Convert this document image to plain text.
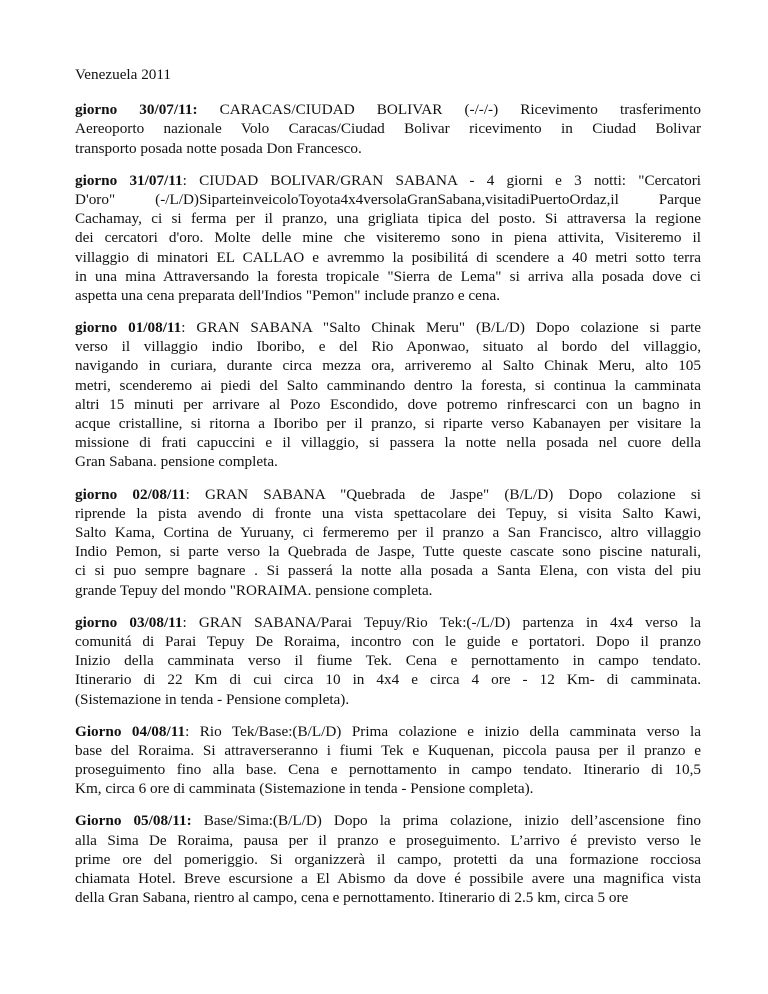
Venezuela 2011
giorno 30/07/11: CARACAS/CIUDAD BOLIVAR (-/-/-) Ricevimento trasferimento
Aereoporto nazionale Volo Caracas/Ciudad Bolivar ricevimento in Ciudad Bolivar
transporto posada notte posada Don Francesco.
giorno 31/07/11: CIUDAD BOLIVAR/GRAN SABANA - 4 giorni e 3 notti: "Cercatori
D'oro" (-/L/D)SiparteinveicoloToyota4x4versolaGranSabana,visitadiPuertoOrdaz,il Parque
Cachamay, ci si ferma per il pranzo, una grigliata tipica del posto. Si attraversa la regione
dei cercatori d'oro. Molte delle mine che visiteremo sono in piena attivita, Visiteremo il
villaggio di minatori EL CALLAO e avremmo la posibilitá di scendere a 40 metri sotto terra
in una mina Attraversando la foresta tropicale "Sierra de Lema" si arriva alla posada dove ci
aspetta una cena preparata dell'Indios "Pemon" include pranzo e cena.
giorno 01/08/11: GRAN SABANA "Salto Chinak Meru" (B/L/D) Dopo colazione si parte
verso il villaggio indio Iboribo, e del Rio Aponwao, situato al bordo del villaggio,
navigando in curiara, durante circa mezza ora, arriveremo al Salto Chinak Meru, alto 105
metri, scenderemo ai piedi del Salto camminando dentro la foresta, si continua la camminata
altri 15 minuti per arrivare al Pozo Escondido, dove potremo rinfrescarci con un bagno in
acque cristalline, si ritorna a Iboribo per il pranzo, si riparte verso Kabanayen per visitare la
missione di frati capuccini e il villaggio, si passera la notte nella posada nel cuore della
Gran Sabana. pensione completa.
giorno 02/08/11: GRAN SABANA "Quebrada de Jaspe" (B/L/D) Dopo colazione si
riprende la pista avendo di fronte una vista spettacolare dei Tepuy, si visita Salto Kawi,
Salto Kama, Cortina de Yuruany, ci fermeremo per il pranzo a San Francisco, altro villaggio
Indio Pemon, si parte verso la Quebrada de Jaspe, Tutte queste cascate sono piscine naturali,
ci si puo sempre bagnare . Si passerá la notte alla posada a Santa Elena, con vista del piu
grande Tepuy del mondo "RORAIMA. pensione completa.
giorno 03/08/11: GRAN SABANA/Parai Tepuy/Rio Tek:(-/L/D) partenza in 4x4 verso la
comunitá di Parai Tepuy De Roraima, incontro con le guide e portatori. Dopo il pranzo
Inizio della camminata verso il fiume Tek. Cena e pernottamento in campo tendato.
Itinerario di 22 Km di cui circa 10 in 4x4 e circa 4 ore - 12 Km- di camminata.
(Sistemazione in tenda - Pensione completa).
Giorno 04/08/11: Rio Tek/Base:(B/L/D) Prima colazione e inizio della camminata verso la
base del Roraima. Si attraverseranno i fiumi Tek e Kuquenan, piccola pausa per il pranzo e
proseguimento fino alla base. Cena e pernottamento in campo tendato. Itinerario di 10,5
Km, circa 6 ore di camminata (Sistemazione in tenda - Pensione completa).
Giorno 05/08/11: Base/Sima:(B/L/D) Dopo la prima colazione, inizio dell’ascensione fino
alla Sima De Roraima, pausa per il pranzo e proseguimento. L’arrivo é previsto verso le
prime ore del pomeriggio. Si organizzerà il campo, protetti da una formazione rocciosa
chiamata Hotel. Breve escursione a El Abismo da dove é possibile avere una magnifica vista
della Gran Sabana, rientro al campo, cena e pernottamento. Itinerario di 2.5 km, circa 5 ore
